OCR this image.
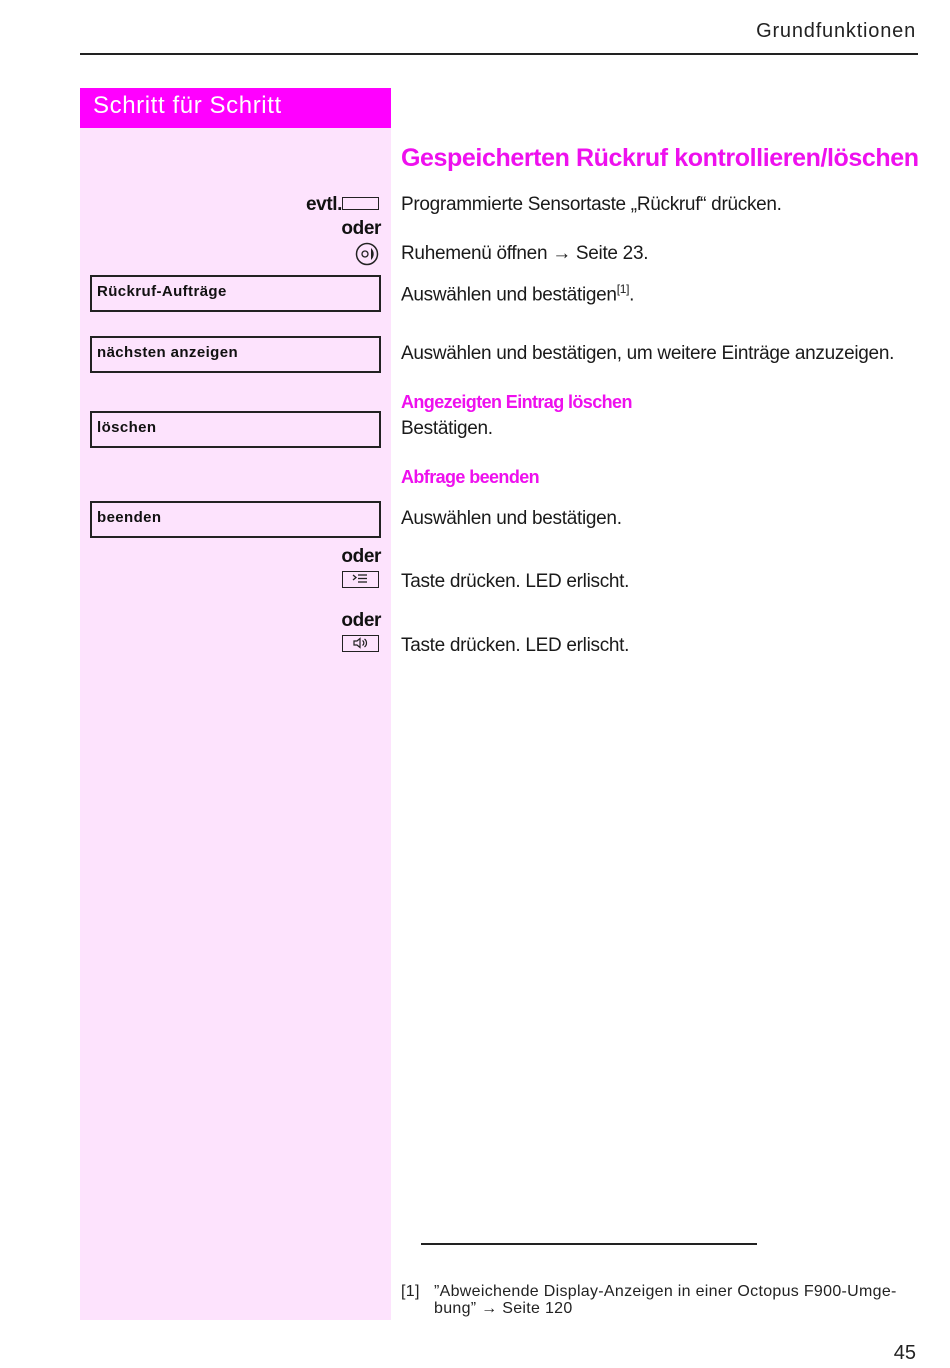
Grundfunktionen
Schritt für Schritt
Gespeicherten Rückruf kontrollieren/löschen
evtl.	Programmierte Sensortaste „Rückruf“ drücken.
oder
Ruhemenü öffnen → Seite 23.
Rückruf-Aufträge	Auswählen und bestätigen[1].
nächsten anzeigen	Auswählen und bestätigen, um weitere Einträge anzuzeigen.
Angezeigten Eintrag löschen
löschen	Bestätigen.
Abfrage beenden
beenden	Auswählen und bestätigen.
oder
Taste drücken. LED erlischt.
oder
Taste drücken. LED erlischt.
[1] ”Abweichende Display-Anzeigen in einer Octopus F900-Umge-
bung” → Seite 120
45
